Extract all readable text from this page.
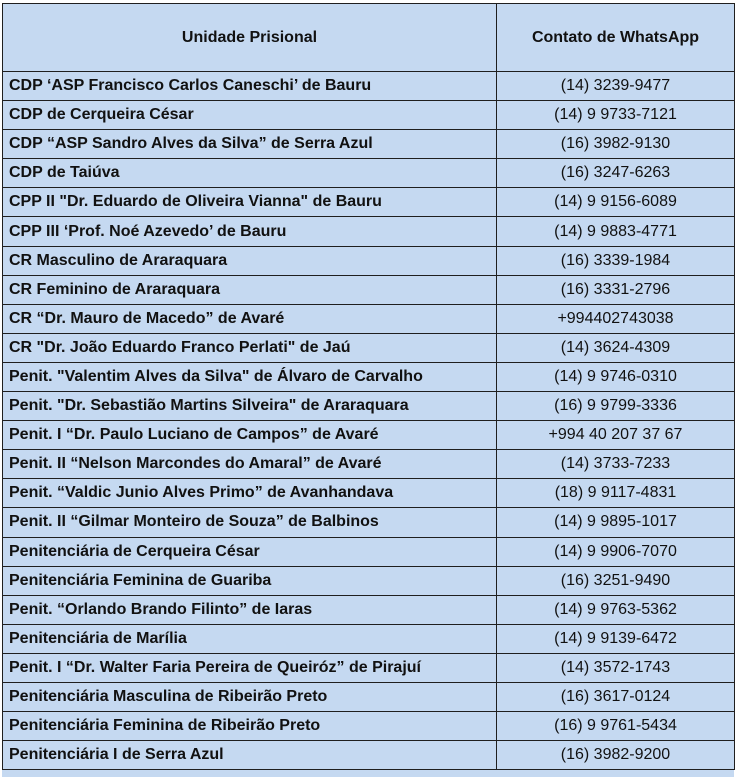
Unidade Prisional	Contato de WhatsApp
CDP ‘ASP Francisco Carlos Caneschi’ de Bauru	(14) 3239-9477
CDP de Cerqueira César	(14) 9 9733-7121
CDP “ASP Sandro Alves da Silva” de Serra Azul	(16) 3982-9130
CDP de Taiúva	(16) 3247-6263
CPP II "Dr. Eduardo de Oliveira Vianna" de Bauru	(14) 9 9156-6089
CPP III ‘Prof. Noé Azevedo’ de Bauru	(14) 9 9883-4771
CR Masculino de Araraquara	(16) 3339-1984
CR Feminino de Araraquara	(16) 3331-2796
CR “Dr. Mauro de Macedo” de Avaré	+994402743038
CR "Dr. João Eduardo Franco Perlati" de Jaú	(14) 3624-4309
Penit. "Valentim Alves da Silva" de Álvaro de Carvalho	(14) 9 9746-0310
Penit. "Dr. Sebastião Martins Silveira" de Araraquara	(16) 9 9799-3336
Penit. I “Dr. Paulo Luciano de Campos” de Avaré	+994 40 207 37 67
Penit. II “Nelson Marcondes do Amaral” de Avaré	(14) 3733-7233
Penit. “Valdic Junio Alves Primo” de Avanhandava	(18) 9 9117-4831
Penit. II “Gilmar Monteiro de Souza” de Balbinos	(14) 9 9895-1017
Penitenciária de Cerqueira César	(14) 9 9906-7070
Penitenciária Feminina de Guariba	(16) 3251-9490
Penit. “Orlando Brando Filinto” de Iaras	(14) 9 9763-5362
Penitenciária de Marília	(14) 9 9139-6472
Penit. I “Dr. Walter Faria Pereira de Queiróz” de Pirajuí	(14) 3572-1743
Penitenciária Masculina de Ribeirão Preto	(16) 3617-0124
Penitenciária Feminina de Ribeirão Preto	(16) 9 9761-5434
Penitenciária I de Serra Azul	(16) 3982-9200
